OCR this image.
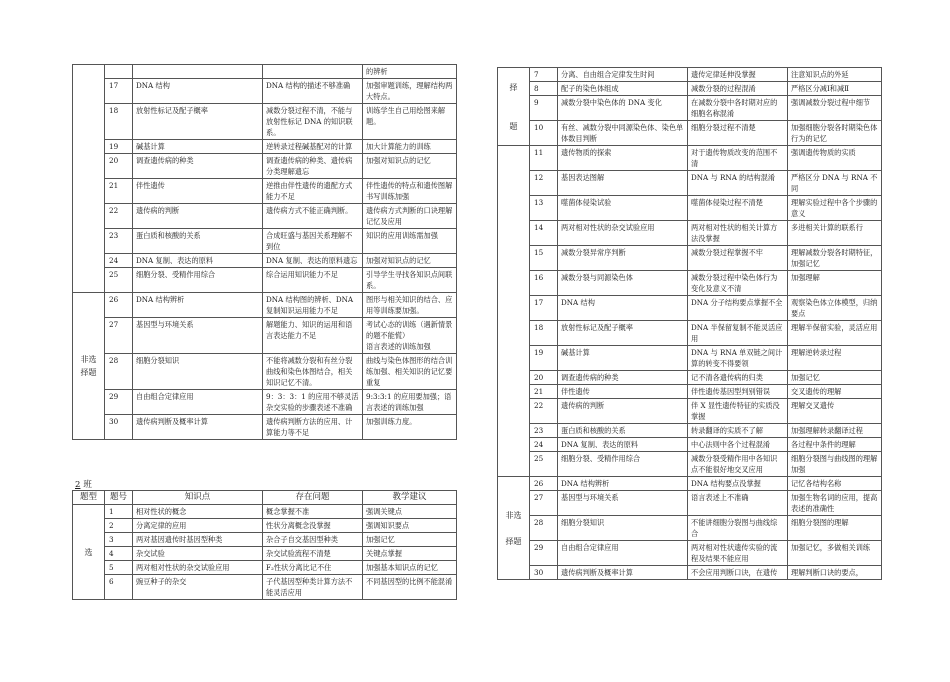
				的辨析
	17	DNA 结构	DNA 结构的描述不够准确	加强审题训练，理解结构两大特点。
	18	放射性标记及配子概率	减数分裂过程不清，不能与放射性标记 DNA 的知识联系。	训练学生自己用绘图来解题。
	19	碱基计算	逆转录过程碱基配对的计算	加大计算能力的训练
	20	调查遗传病的种类	调查遗传病的种类、遗传病分类理解遗忘	加强对知识点的记忆
	21	伴性遗传	逆推由伴性遗传的遗配方式能力不足	伴性遗传的特点和遗传图解书写训练加强
	22	遗传病的判断	遗传病方式不能正确判断。	遗传病方式判断的口诀理解记忆及应用
	23	蛋白质和核酸的关系	合成旺盛与基因关系理解不到位	知识的应用训练需加强
	24	DNA 复制、表达的原料	DNA 复制、表达的原料遗忘	加强对知识点的记忆
	25	细胞分裂、受精作用综合	综合运用知识能力不足	引导学生寻找各知识点间联系。
非选
择题	26	DNA 结构辨析	DNA 结构图的辨析、DNA 复制知识运用能力不足	图形与相关知识的结合、应用等训练要加强。
	27	基因型与环境关系	解题能力、知识的运用和语言表达能力不足	考试心态的训练（遇新情景的题不能慌）
语言表述的训练加强
	28	细胞分裂知识	不能将减数分裂和有丝分裂曲线和染色体图结合，相关知识记忆不清。	曲线与染色体图形的结合训练加强、相关知识的记忆要重复
	29	自由组合定律应用	9：3：3：1 的应用不够灵活杂交实验的步骤表述不准确	9:3:3:1 的应用要加强；语言表述的训练加强
	30	遗传病判断及概率计算	遗传病判断方法的应用、计算能力等不足	加强训练力度。
2 班
题型	题号	知识点	存在问题	教学建议
选	1	相对性状的概念	概念掌握不准	强调关键点
	2	分离定律的应用	性状分离概念没掌握	强调知识要点
	3	两对基因遗传时基因型种类	杂合子自交基因型种类	加强记忆
	4	杂交试验	杂交试验流程不清楚	关键点掌握
	5	两对相对性状的杂交试验应用	F₂性状分离比记不住	加强基本知识点的记忆
	6	豌豆种子的杂交	子代基因型种类计算方法不能灵活应用	不同基因型的比例不能混淆
择

题	7	分离、自由组合定律发生时间	遗传定律延伸没掌握	注意知识点的外延
	8	配子的染色体组成	减数分裂的过程混淆	严格区分减Ⅰ和减Ⅱ
	9	减数分裂中染色体的 DNA 变化	在减数分裂中各时期对应的细胞名称混淆	强调减数分裂过程中细节
	10	有丝、减数分裂中同源染色体、染色单体数目判断	细胞分裂过程不清楚	加强细胞分裂各时期染色体行为的记忆
	11	遗传物质的探索	对于遗传物质改变的范围不清	强调遗传物质的实质
	12	基因表达图解	DNA 与 RNA 的结构混淆	严格区分 DNA 与 RNA 不同
	13	噬菌体侵染试验	噬菌体侵染过程不清楚	理解实验过程中各个步骤的意义
	14	两对相对性状的杂交试验应用	两对相对性状的相关计算方法没掌握	多进相关计算的联系行
	15	减数分裂异常序判断	减数分裂过程掌握不牢	理解减数分裂各时期特征，加强记忆
	16	减数分裂与同源染色体	减数分裂过程中染色体行为变化及意义不清	加强理解
	17	DNA 结构	DNA 分子结构要点掌握不全	观察染色体立体模型，归纳要点
	18	放射性标记及配子概率	DNA 半保留复制不能灵活应用	理解半保留实验，灵活应用
	19	碱基计算	DNA 与 RNA 单双链之间计算的转变不得要领	理解逆转录过程
	20	调查遗传病的种类	记不清各遗传病的归类	加强记忆
	21	伴性遗传	伴性遗传基因型判别错误	交叉遗传的理解
	22	遗传病的判断	伴 X 显性遗传特征的实质没掌握	理解交叉遗传
	23	蛋白质和核酸的关系	转录翻译的实质不了解	加强理解转录翻译过程
	24	DNA 复制、表达的原料	中心法则中各个过程混淆	各过程中条件的理解
	25	细胞分裂、受精作用综合	减数分裂受精作用中各知识点不能很好地交叉应用	细胞分裂图与曲线图的理解加强
非选

择题	26	DNA 结构辨析	DNA 结构要点没掌握	记忆各结构名称
	27	基因型与环境关系	语言表述上不准确	加强生物名词的应用，提高表述的准确性
	28	细胞分裂知识	不能讲细胞分裂图与曲线综合	细胞分裂图的理解
	29	自由组合定律应用	两对相对性状遗传实验的流程及结果不能应用	加强记忆，多做相关训练
	30	遗传病判断及概率计算	不会应用判断口诀，在遗传	理解判断口诀的要点，
